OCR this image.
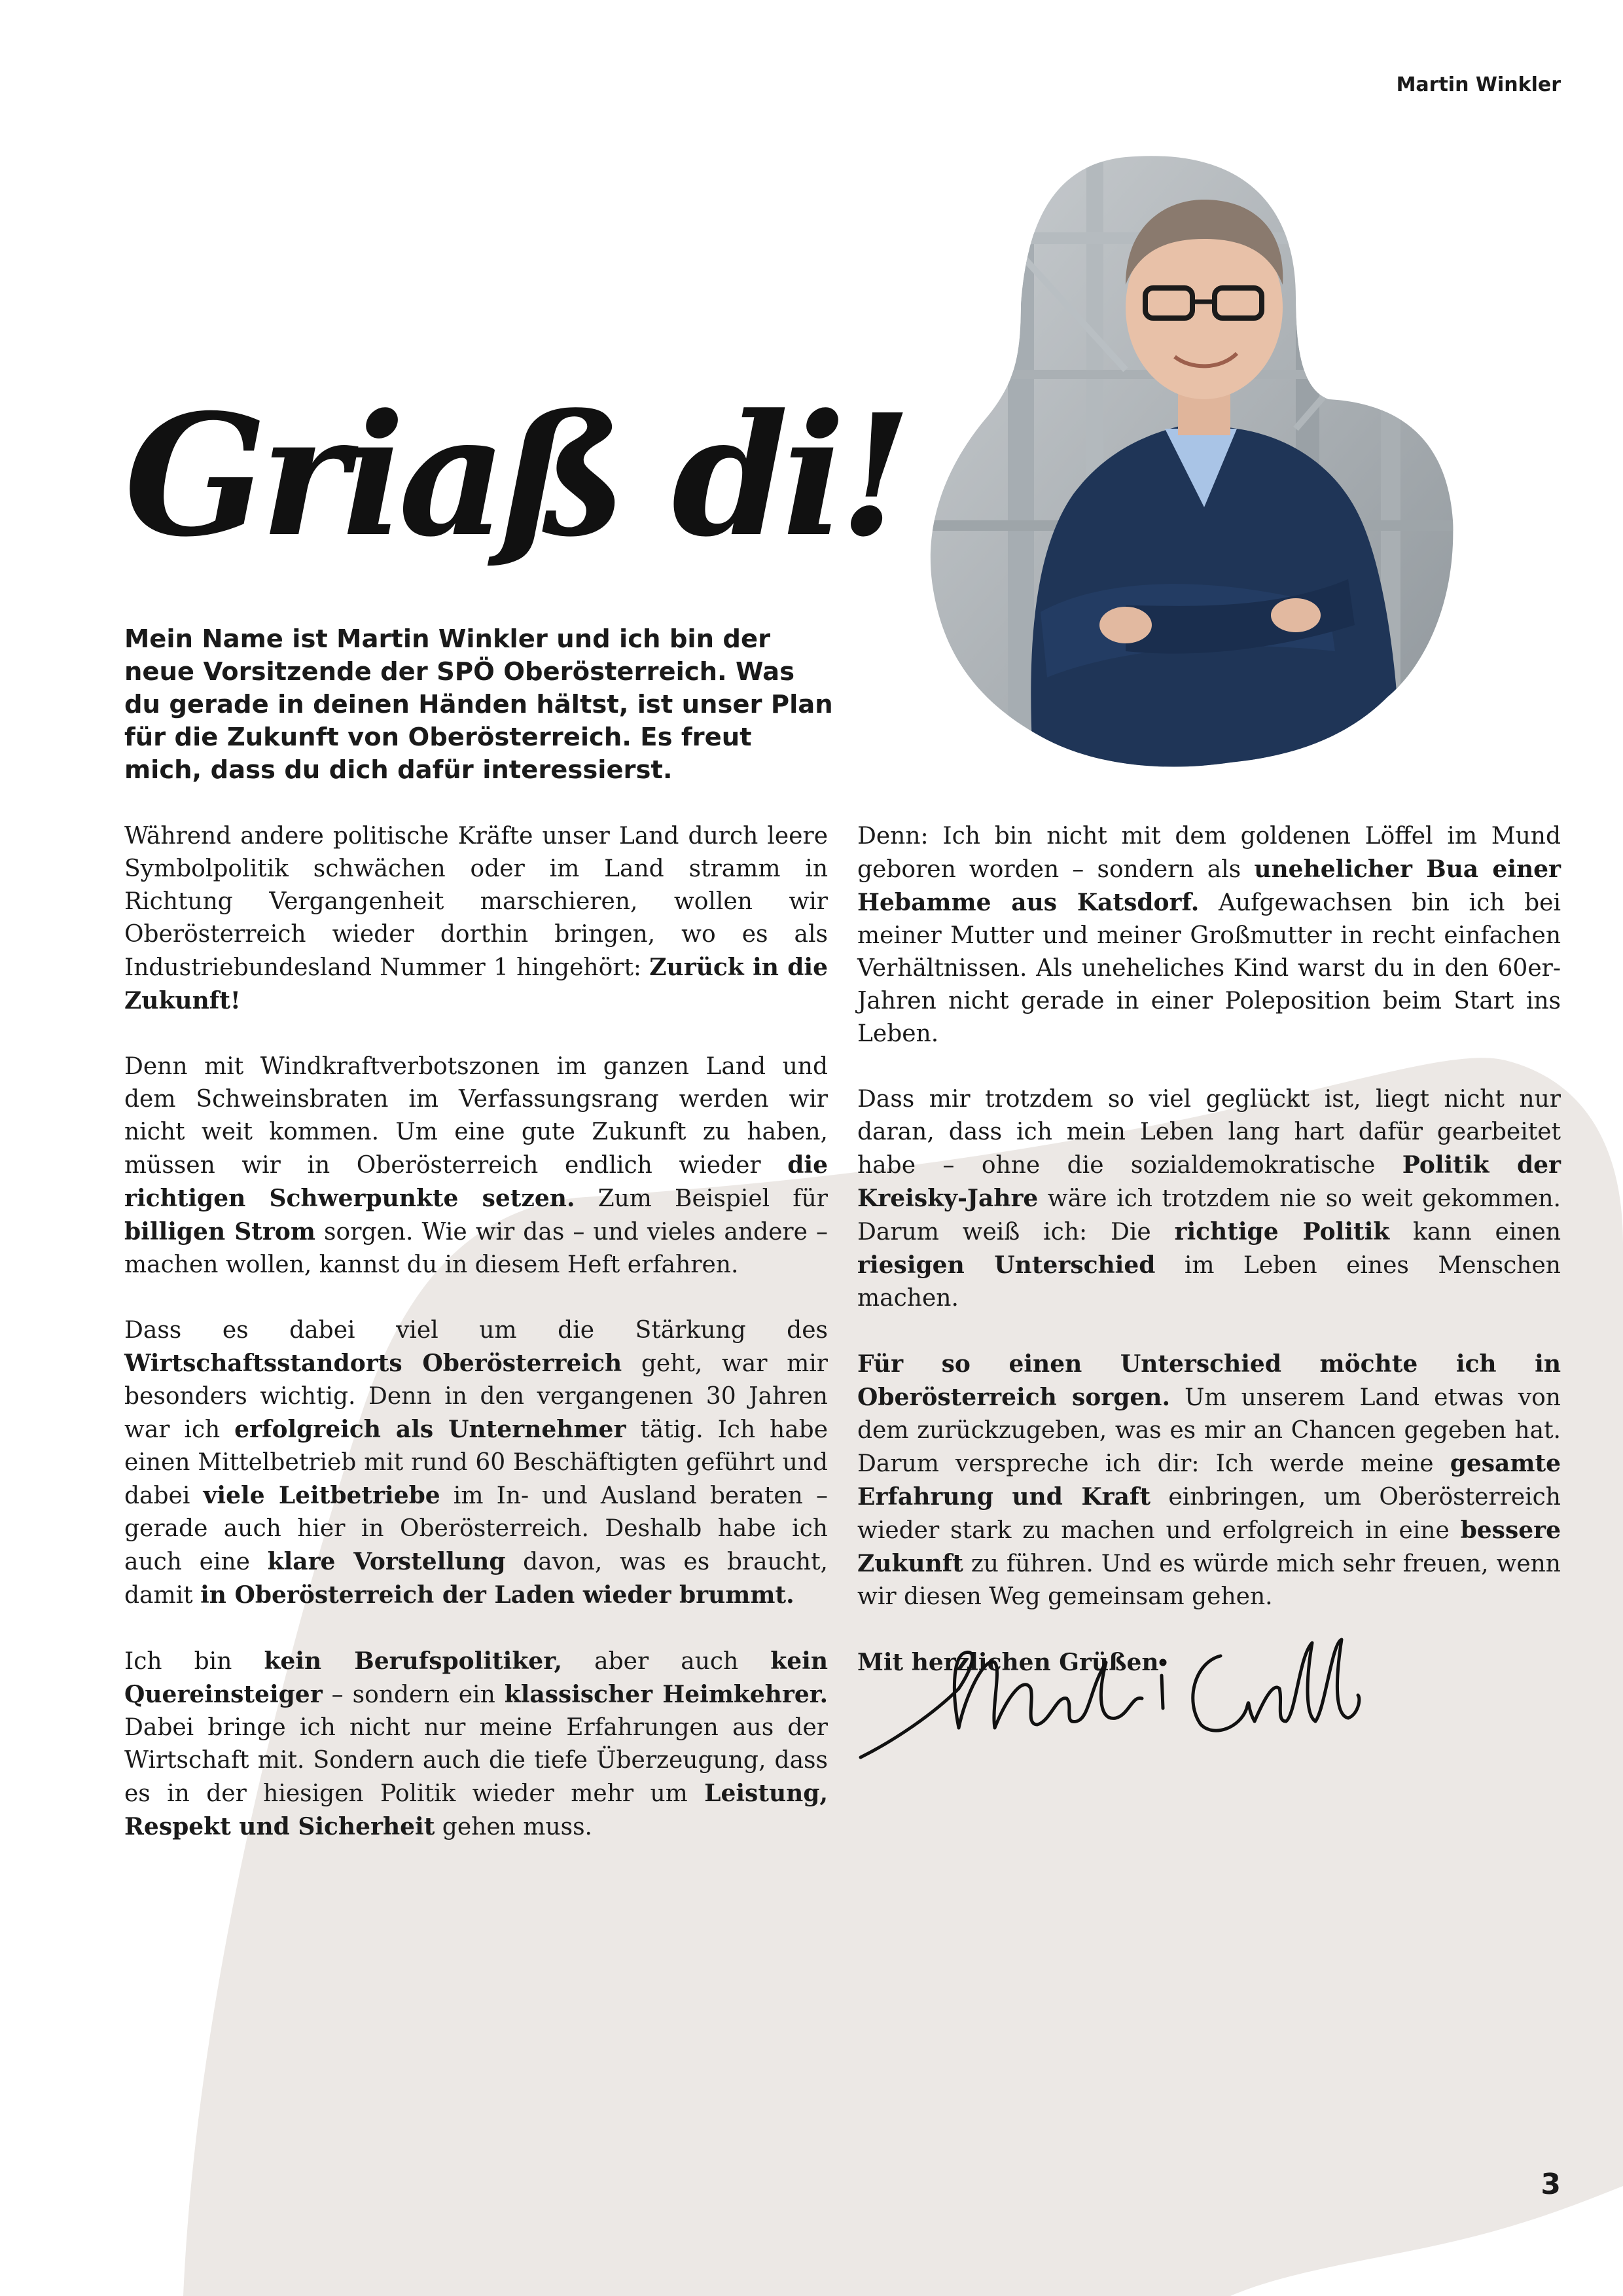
Martin Winkler
Griaß di!

Mein Name ist Martin Winkler und ich bin der neue Vorsitzende der SPÖ Oberösterreich. Was du gerade in deinen Händen hältst, ist unser Plan für die Zukunft von Oberösterreich. Es freut mich, dass du dich dafür interessierst.

Während andere politische Kräfte unser Land durch leere Symbolpolitik schwächen oder im Land stramm in Richtung Vergangenheit marschieren, wollen wir Oberösterreich wieder dorthin bringen, wo es als Industriebundesland Nummer 1 hingehört: Zurück in die Zukunft!

Denn mit Windkraftverbotszonen im ganzen Land und dem Schweinsbraten im Verfassungsrang werden wir nicht weit kommen. Um eine gute Zukunft zu haben, müssen wir in Oberösterreich endlich wieder die richtigen Schwerpunkte setzen. Zum Beispiel für billigen Strom sorgen. Wie wir das – und vieles andere – machen wollen, kannst du in diesem Heft erfahren.

Dass es dabei viel um die Stärkung des Wirtschaftsstandorts Oberösterreich geht, war mir besonders wichtig. Denn in den vergangenen 30 Jahren war ich erfolgreich als Unternehmer tätig. Ich habe einen Mittelbetrieb mit rund 60 Beschäftigten geführt und dabei viele Leitbetriebe im In- und Ausland beraten – gerade auch hier in Oberösterreich. Deshalb habe ich auch eine klare Vorstellung davon, was es braucht, damit in Oberösterreich der Laden wieder brummt.

Ich bin kein Berufspolitiker, aber auch kein Quereinsteiger – sondern ein klassischer Heimkehrer. Dabei bringe ich nicht nur meine Erfahrungen aus der Wirtschaft mit. Sondern auch die tiefe Überzeugung, dass es in der hiesigen Politik wieder mehr um Leistung, Respekt und Sicherheit gehen muss.

Denn: Ich bin nicht mit dem goldenen Löffel im Mund geboren worden – sondern als unehelicher Bua einer Hebamme aus Katsdorf. Aufgewachsen bin ich bei meiner Mutter und meiner Großmutter in recht einfachen Verhältnissen. Als uneheliches Kind warst du in den 60er-Jahren nicht gerade in einer Poleposition beim Start ins Leben.

Dass mir trotzdem so viel geglückt ist, liegt nicht nur daran, dass ich mein Leben lang hart dafür gearbeitet habe – ohne die sozialdemokratische Politik der Kreisky-Jahre wäre ich trotzdem nie so weit gekommen. Darum weiß ich: Die richtige Politik kann einen riesigen Unterschied im Leben eines Menschen machen.

Für so einen Unterschied möchte ich in Oberösterreich sorgen. Um unserem Land etwas von dem zurückzugeben, was es mir an Chancen gegeben hat. Darum verspreche ich dir: Ich werde meine gesamte Erfahrung und Kraft einbringen, um Oberösterreich wieder stark zu machen und erfolgreich in eine bessere Zukunft zu führen. Und es würde mich sehr freuen, wenn wir diesen Weg gemeinsam gehen.

Mit herzlichen Grüßen

3
